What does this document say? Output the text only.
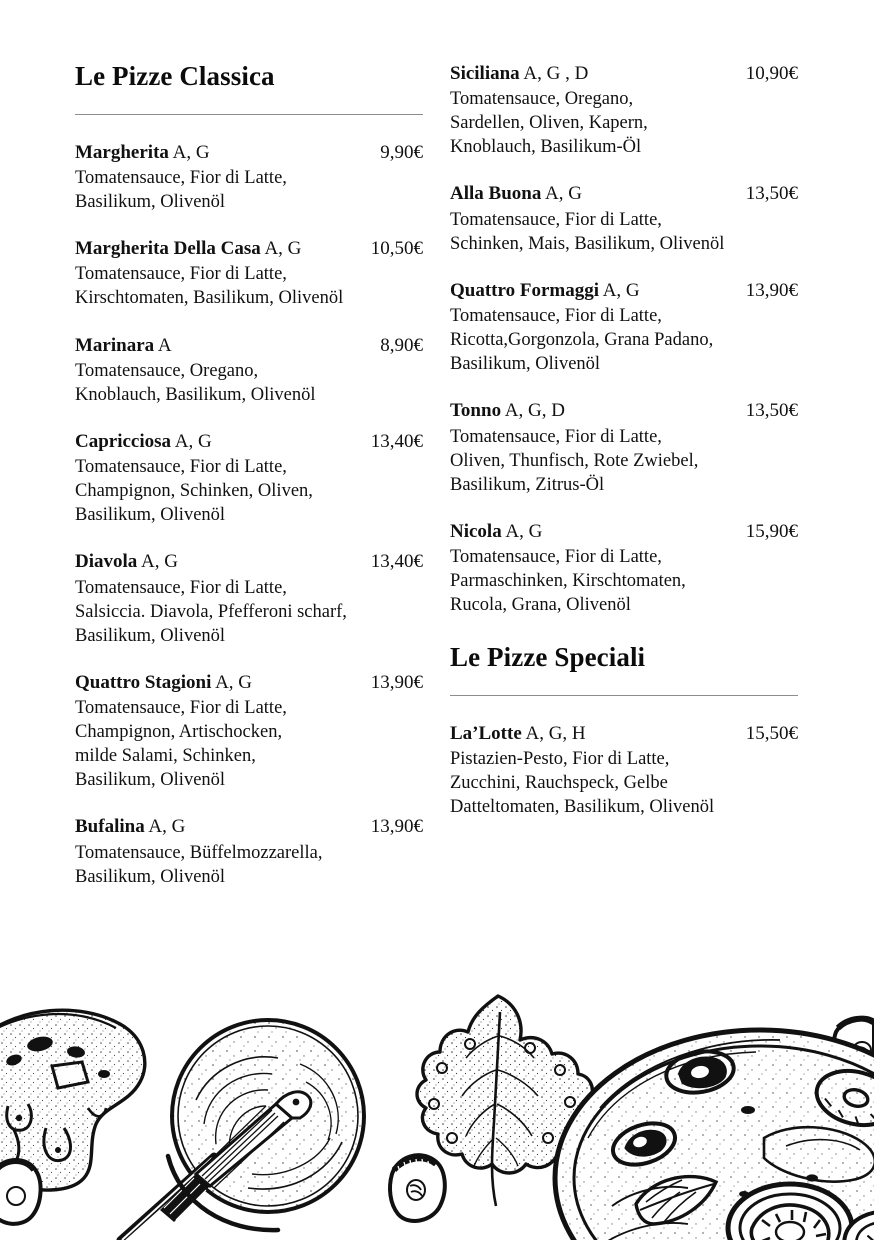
Le Pizze Classica
Margherita A, G	9,90€
Tomatensauce, Fior di Latte,
Basilikum, Olivenöl
Margherita Della Casa A, G	10,50€
Tomatensauce, Fior di Latte,
Kirschtomaten, Basilikum, Olivenöl
Marinara A	8,90€
Tomatensauce, Oregano,
Knoblauch, Basilikum, Olivenöl
Capricciosa A, G	13,40€
Tomatensauce, Fior di Latte,
Champignon, Schinken, Oliven,
Basilikum, Olivenöl
Diavola A, G	13,40€
Tomatensauce, Fior di Latte,
Salsiccia. Diavola, Pfefferoni scharf,
Basilikum, Olivenöl
Quattro Stagioni A, G	13,90€
Tomatensauce, Fior di Latte,
Champignon, Artischocken,
milde Salami, Schinken,
Basilikum, Olivenöl
Bufalina A, G	13,90€
Tomatensauce, Büffelmozzarella,
Basilikum, Olivenöl
Siciliana A, G , D	10,90€
Tomatensauce, Oregano,
Sardellen, Oliven, Kapern,
Knoblauch, Basilikum-Öl
Alla Buona A, G	13,50€
Tomatensauce, Fior di Latte,
Schinken, Mais, Basilikum, Olivenöl
Quattro Formaggi A, G	13,90€
Tomatensauce, Fior di Latte,
Ricotta,Gorgonzola, Grana Padano,
Basilikum, Olivenöl
Tonno A, G, D	13,50€
Tomatensauce, Fior di Latte,
Oliven, Thunfisch, Rote Zwiebel,
Basilikum, Zitrus-Öl
Nicola A, G	15,90€
Tomatensauce, Fior di Latte,
Parmaschinken, Kirschtomaten,
Rucola, Grana, Olivenöl
Le Pizze Speciali
La’Lotte A, G, H	15,50€
Pistazien-Pesto, Fior di Latte,
Zucchini, Rauchspeck, Gelbe
Datteltomaten, Basilikum, Olivenöl
